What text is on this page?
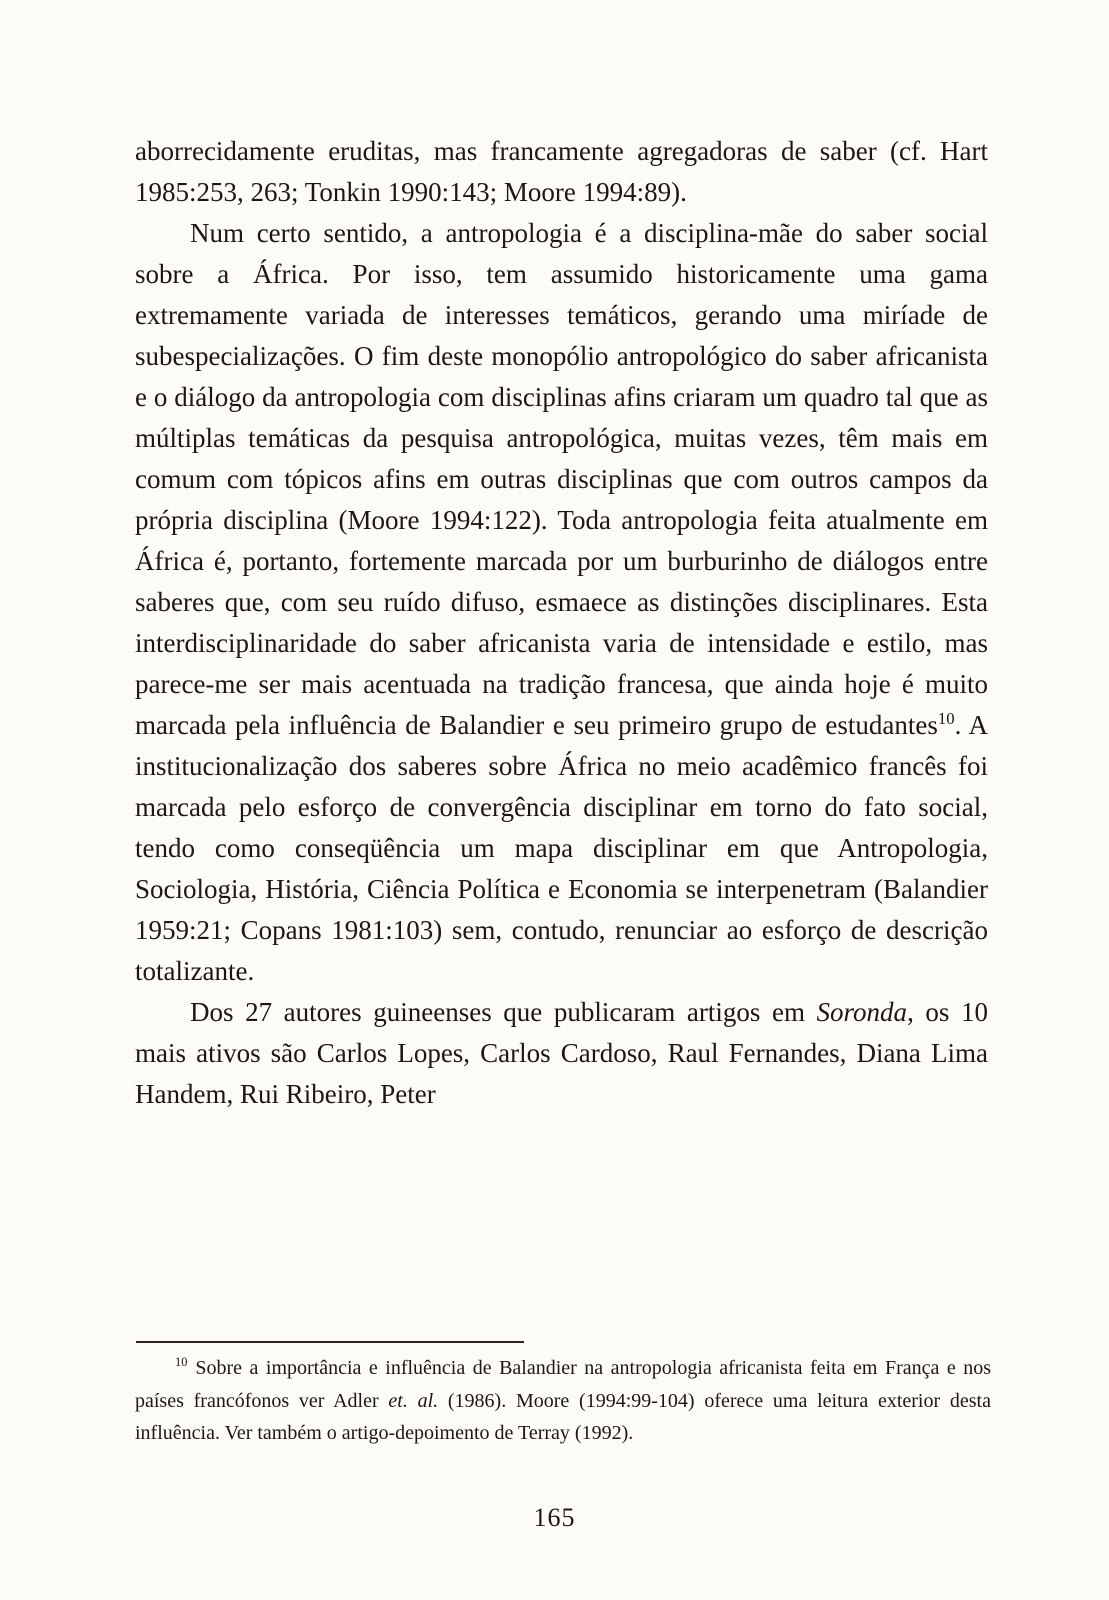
aborrecidamente eruditas, mas francamente agregadoras de saber (cf. Hart 1985:253, 263; Tonkin 1990:143; Moore 1994:89).

Num certo sentido, a antropologia é a disciplina-mãe do saber social sobre a África. Por isso, tem assumido historicamente uma gama extremamente variada de interesses temáticos, gerando uma miríade de subespecializações. O fim deste monopólio antropológico do saber africanista e o diálogo da antropologia com disciplinas afins criaram um quadro tal que as múltiplas temáticas da pesquisa antropológica, muitas vezes, têm mais em comum com tópicos afins em outras disciplinas que com outros campos da própria disciplina (Moore 1994:122). Toda antropologia feita atualmente em África é, portanto, fortemente marcada por um burburinho de diálogos entre saberes que, com seu ruído difuso, esmaece as distinções disciplinares. Esta interdisciplinaridade do saber africanista varia de intensidade e estilo, mas parece-me ser mais acentuada na tradição francesa, que ainda hoje é muito marcada pela influência de Balandier e seu primeiro grupo de estudantes$^{10}$. A institucionalização dos saberes sobre África no meio acadêmico francês foi marcada pelo esforço de convergência disciplinar em torno do fato social, tendo como conseqüência um mapa disciplinar em que Antropologia, Sociologia, História, Ciência Política e Economia se interpenetram (Balandier 1959:21; Copans 1981:103) sem, contudo, renunciar ao esforço de descrição totalizante.

Dos 27 autores guineenses que publicaram artigos em Soronda, os 10 mais ativos são Carlos Lopes, Carlos Cardoso, Raul Fernandes, Diana Lima Handem, Rui Ribeiro, Peter

$^{10}$ Sobre a importância e influência de Balandier na antropologia africanista feita em França e nos países francófonos ver Adler et. al. (1986). Moore (1994:99-104) oferece uma leitura exterior desta influência. Ver também o artigo-depoimento de Terray (1992).

165
